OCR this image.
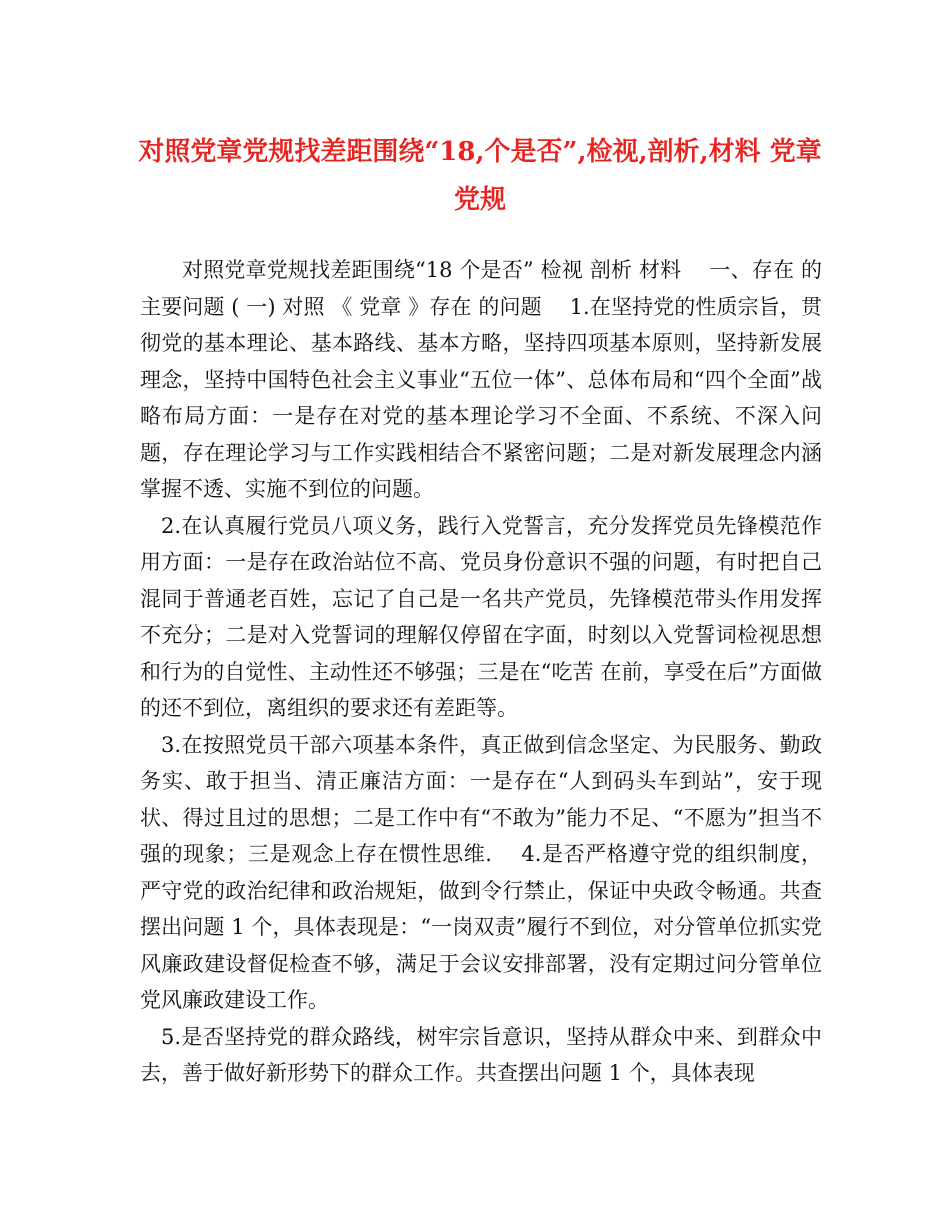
对照党章党规找差距围绕“18,个是否”,检视,剖析,材料 党章党规

对照党章党规找差距围绕“18 个是否” 检视 剖析 材料　 一、存在 的 主要问题 ( 一) 对照 《 党章 》存在 的问题　 1.在坚持党的性质宗旨，贯彻党的基本理论、基本路线、基本方略，坚持四项基本原则，坚持新发展理念，坚持中国特色社会主义事业“五位一体”、总体布局和“四个全面”战略布局方面：一是存在对党的基本理论学习不全面、不系统、不深入问题，存在理论学习与工作实践相结合不紧密问题；二是对新发展理念内涵掌握不透、实施不到位的问题。

2.在认真履行党员八项义务，践行入党誓言，充分发挥党员先锋模范作用方面：一是存在政治站位不高、党员身份意识不强的问题，有时把自己混同于普通老百姓，忘记了自己是一名共产党员，先锋模范带头作用发挥不充分；二是对入党誓词的理解仅停留在字面，时刻以入党誓词检视思想和行为的自觉性、主动性还不够强；三是在“吃苦 在前，享受在后”方面做的还不到位，离组织的要求还有差距等。

3.在按照党员干部六项基本条件，真正做到信念坚定、为民服务、勤政务实、敢于担当、清正廉洁方面：一是存在“人到码头车到站”，安于现状、得过且过的思想；二是工作中有“不敢为”能力不足、“不愿为”担当不强的现象；三是观念上存在惯性思维.　 4.是否严格遵守党的组织制度，严守党的政治纪律和政治规矩，做到令行禁止，保证中央政令畅通。共查摆出问题 1 个，具体表现是：“一岗双责”履行不到位，对分管单位抓实党风廉政建设督促检查不够，满足于会议安排部署，没有定期过问分管单位党风廉政建设工作。

5.是否坚持党的群众路线，树牢宗旨意识，坚持从群众中来、到群众中去，善于做好新形势下的群众工作。共查摆出问题 1 个，具体表现
